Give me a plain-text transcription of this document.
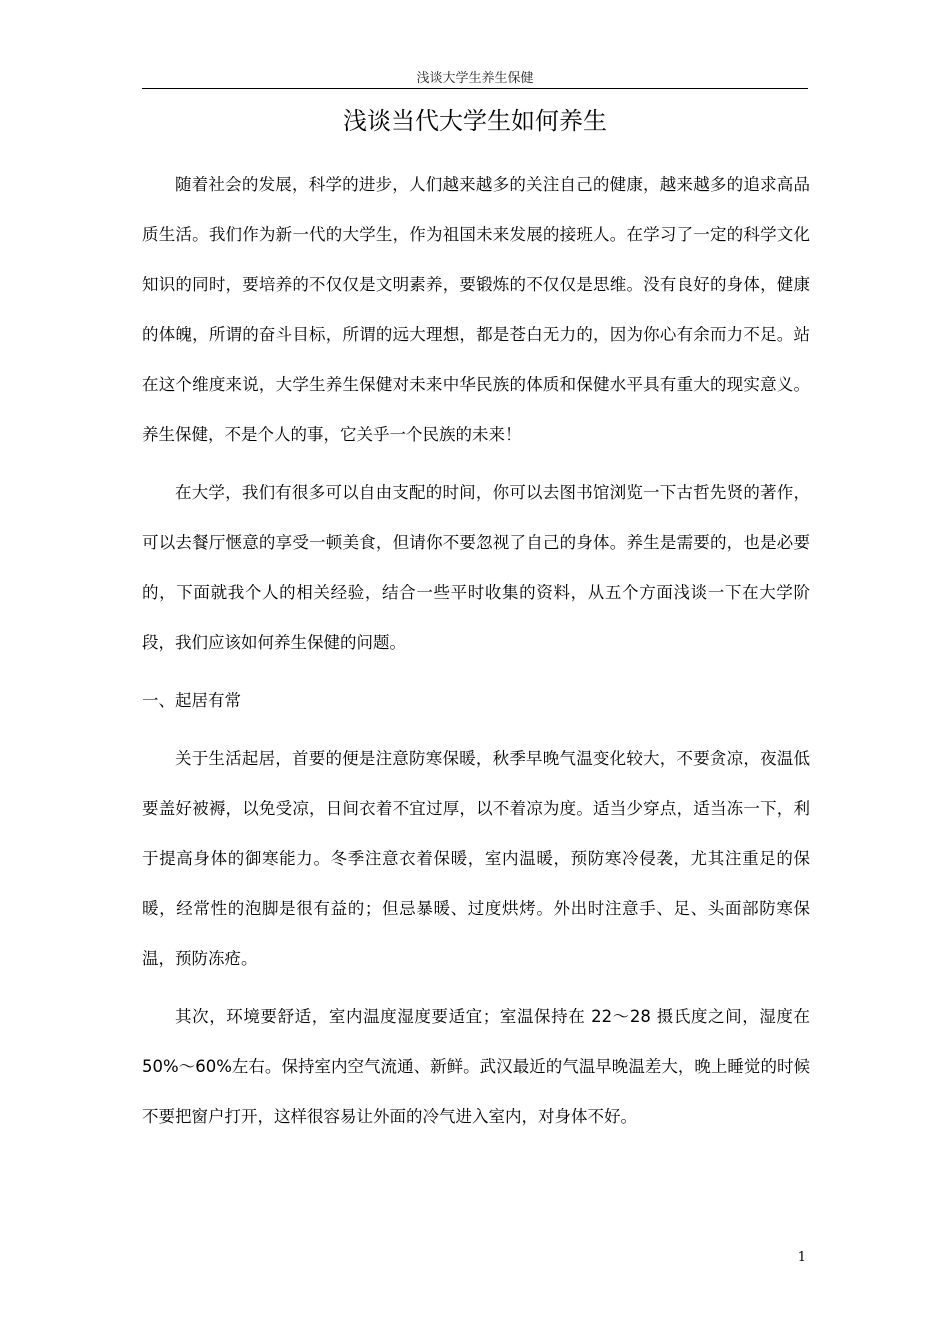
浅谈大学生养生保健
浅谈当代大学生如何养生

随着社会的发展，科学的进步，人们越来越多的关注自己的健康，越来越多的追求高品质生活。我们作为新一代的大学生，作为祖国未来发展的接班人。在学习了一定的科学文化知识的同时，要培养的不仅仅是文明素养，要锻炼的不仅仅是思维。没有良好的身体，健康的体魄，所谓的奋斗目标，所谓的远大理想，都是苍白无力的，因为你心有余而力不足。站在这个维度来说，大学生养生保健对未来中华民族的体质和保健水平具有重大的现实意义。养生保健，不是个人的事，它关乎一个民族的未来！

在大学，我们有很多可以自由支配的时间，你可以去图书馆浏览一下古哲先贤的著作，可以去餐厅惬意的享受一顿美食，但请你不要忽视了自己的身体。养生是需要的，也是必要的，下面就我个人的相关经验，结合一些平时收集的资料，从五个方面浅谈一下在大学阶段，我们应该如何养生保健的问题。

一、起居有常

关于生活起居，首要的便是注意防寒保暖，秋季早晚气温变化较大，不要贪凉，夜温低要盖好被褥，以免受凉，日间衣着不宜过厚，以不着凉为度。适当少穿点，适当冻一下，利于提高身体的御寒能力。冬季注意衣着保暖，室内温暖，预防寒冷侵袭，尤其注重足的保暖，经常性的泡脚是很有益的；但忌暴暖、过度烘烤。外出时注意手、足、头面部防寒保温，预防冻疮。

其次，环境要舒适，室内温度湿度要适宜；室温保持在 22～28 摄氏度之间，湿度在50%～60%左右。保持室内空气流通、新鲜。武汉最近的气温早晚温差大，晚上睡觉的时候不要把窗户打开，这样很容易让外面的冷气进入室内，对身体不好。

1
